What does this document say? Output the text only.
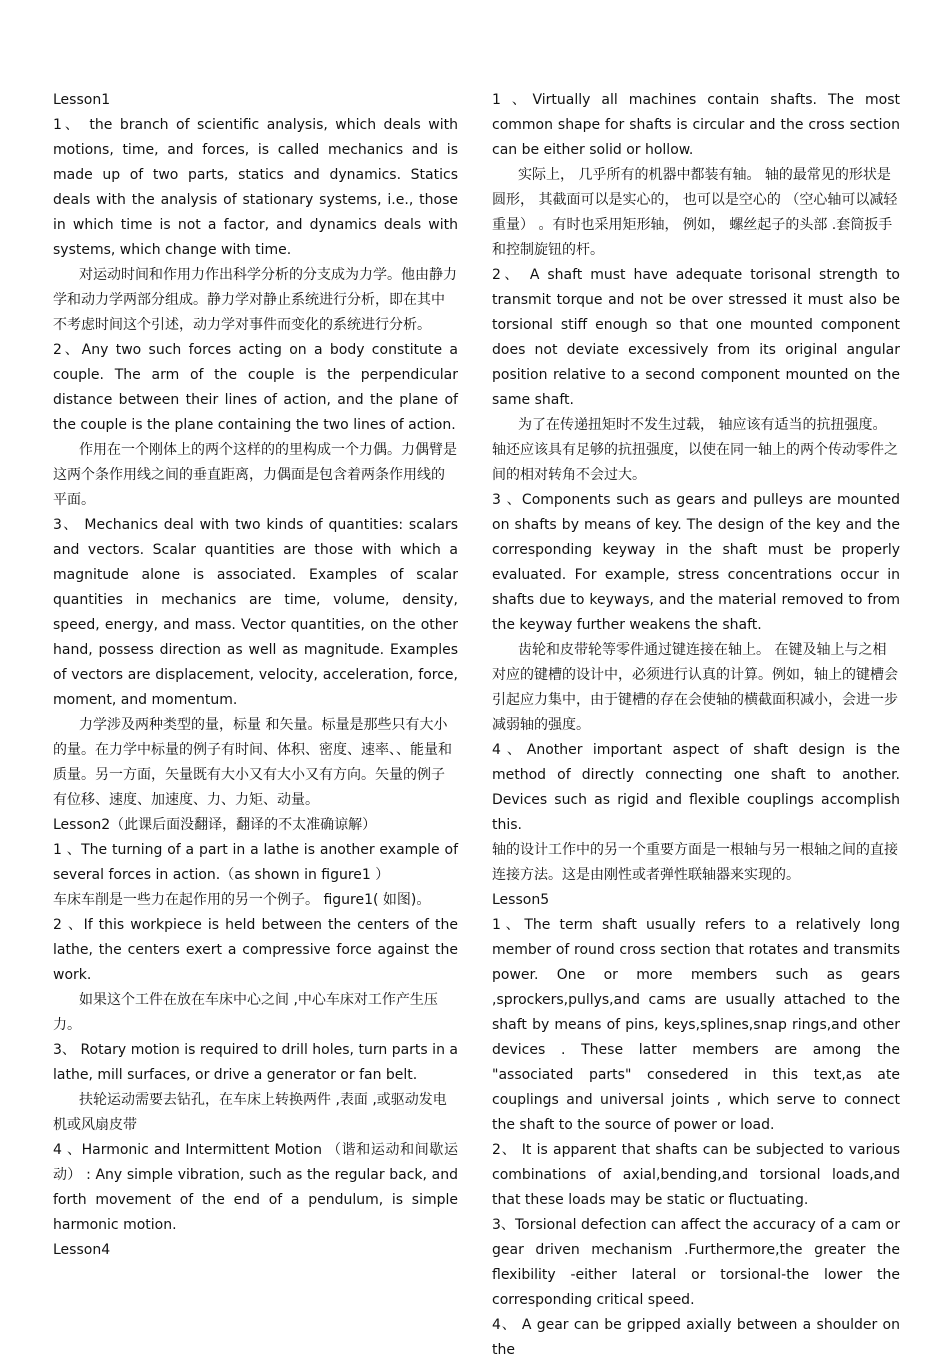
Lesson1

1、 the branch of scientific analysis, which deals with motions, time, and forces, is called mechanics and is made up of two parts, statics and dynamics. Statics deals with the analysis of stationary systems, i.e., those in which time is not a factor, and dynamics deals with systems, which change with time.

对运动时间和作用力作出科学分析的分支成为力学。他由静力学和动力学两部分组成。静力学对静止系统进行分析，即在其中不考虑时间这个引述，动力学对事件而变化的系统进行分析。

2、Any two such forces acting on a body constitute a couple. The arm of the couple is the perpendicular distance between their lines of action, and the plane of the couple is the plane containing the two lines of action.

作用在一个刚体上的两个这样的的里构成一个力偶。力偶臂是这两个条作用线之间的垂直距离，力偶面是包含着两条作用线的平面。

3、 Mechanics deal with two kinds of quantities: scalars and vectors. Scalar quantities are those with which a magnitude alone is associated. Examples of scalar quantities in mechanics are time, volume, density, speed, energy, and mass. Vector quantities, on the other hand, possess direction as well as magnitude. Examples of vectors are displacement, velocity, acceleration, force, moment, and momentum.

力学涉及两种类型的量，标量 和矢量。标量是那些只有大小的量。在力学中标量的例子有时间、体积、密度、速率、、能量和质量。另一方面，矢量既有大小又有大小又有方向。矢量的例子有位移、速度、加速度、力、力矩、动量。

Lesson2（此课后面没翻译，翻译的不太准确谅解）

1 、The turning of a part in a lathe is another example of several forces in action.（as shown in figure1 ）

车床车削是一些力在起作用的另一个例子。 figure1( 如图)。

2 、If this workpiece is held between the centers of the lathe, the centers exert a compressive force against the work.

如果这个工件在放在车床中心之间 ,中心车床对工作产生压力。

3、 Rotary motion is required to drill holes, turn parts in a lathe, mill surfaces, or drive a generator or fan belt.

扶轮运动需要去钻孔，在车床上转换两件 ,表面 ,或驱动发电机或风扇皮带

4 、Harmonic and Intermittent Motion （谐和运动和间歇运动） : Any simple vibration, such as the regular back, and forth movement of the end of a pendulum, is simple harmonic motion.

Lesson4

1 、Virtually all machines contain shafts. The most common shape for shafts is circular and the cross section can be either solid or hollow.

实际上， 几乎所有的机器中都装有轴。 轴的最常见的形状是圆形， 其截面可以是实心的， 也可以是空心的 （空心轴可以减轻重量） 。有时也采用矩形轴， 例如， 螺丝起子的头部 .套筒扳手和控制旋钮的杆。

2、 A shaft must have adequate torisonal strength to transmit torque and not be over stressed it must also be torsional stiff enough so that one mounted component does not deviate excessively from its original angular position relative to a second component mounted on the same shaft.

为了在传递扭矩时不发生过载， 轴应该有适当的抗扭强度。轴还应该具有足够的抗扭强度，以使在同一轴上的两个传动零件之间的相对转角不会过大。

3 、Components such as gears and pulleys are mounted on shafts by means of key. The design of the key and the corresponding keyway in the shaft must be properly evaluated. For example, stress concentrations occur in shafts due to keyways, and the material removed to from the keyway further weakens the shaft.

齿轮和皮带轮等零件通过键连接在轴上。 在键及轴上与之相对应的键槽的设计中，必须进行认真的计算。例如，轴上的键槽会引起应力集中，由于键槽的存在会使轴的横截面积减小，会进一步减弱轴的强度。

4、Another important aspect of shaft design is the method of directly connecting one shaft to another. Devices such as rigid and flexible couplings accomplish this.

轴的设计工作中的另一个重要方面是一根轴与另一根轴之间的直接连接方法。这是由刚性或者弹性联轴器来实现的。

Lesson5

1、The term shaft usually refers to a relatively long member of round cross section that rotates and transmits power. One or more members such as gears ,sprockers,pullys,and cams are usually attached to the shaft by means of pins, keys,splines,snap rings,and other devices . These latter members are among the "associated parts" consedered in this text,as ate couplings and universal joints , which serve to connect the shaft to the source of power or load.

2、 It is apparent that shafts can be subjected to various combinations of axial,bending,and torsional loads,and that these loads may be static or fluctuating.

3、Torsional defection can affect the accuracy of a cam or gear driven mechanism .Furthermore,the greater the flexibility -either lateral or torsional-the lower the corresponding critical speed.

4、 A gear can be gripped axially between a shoulder on the
